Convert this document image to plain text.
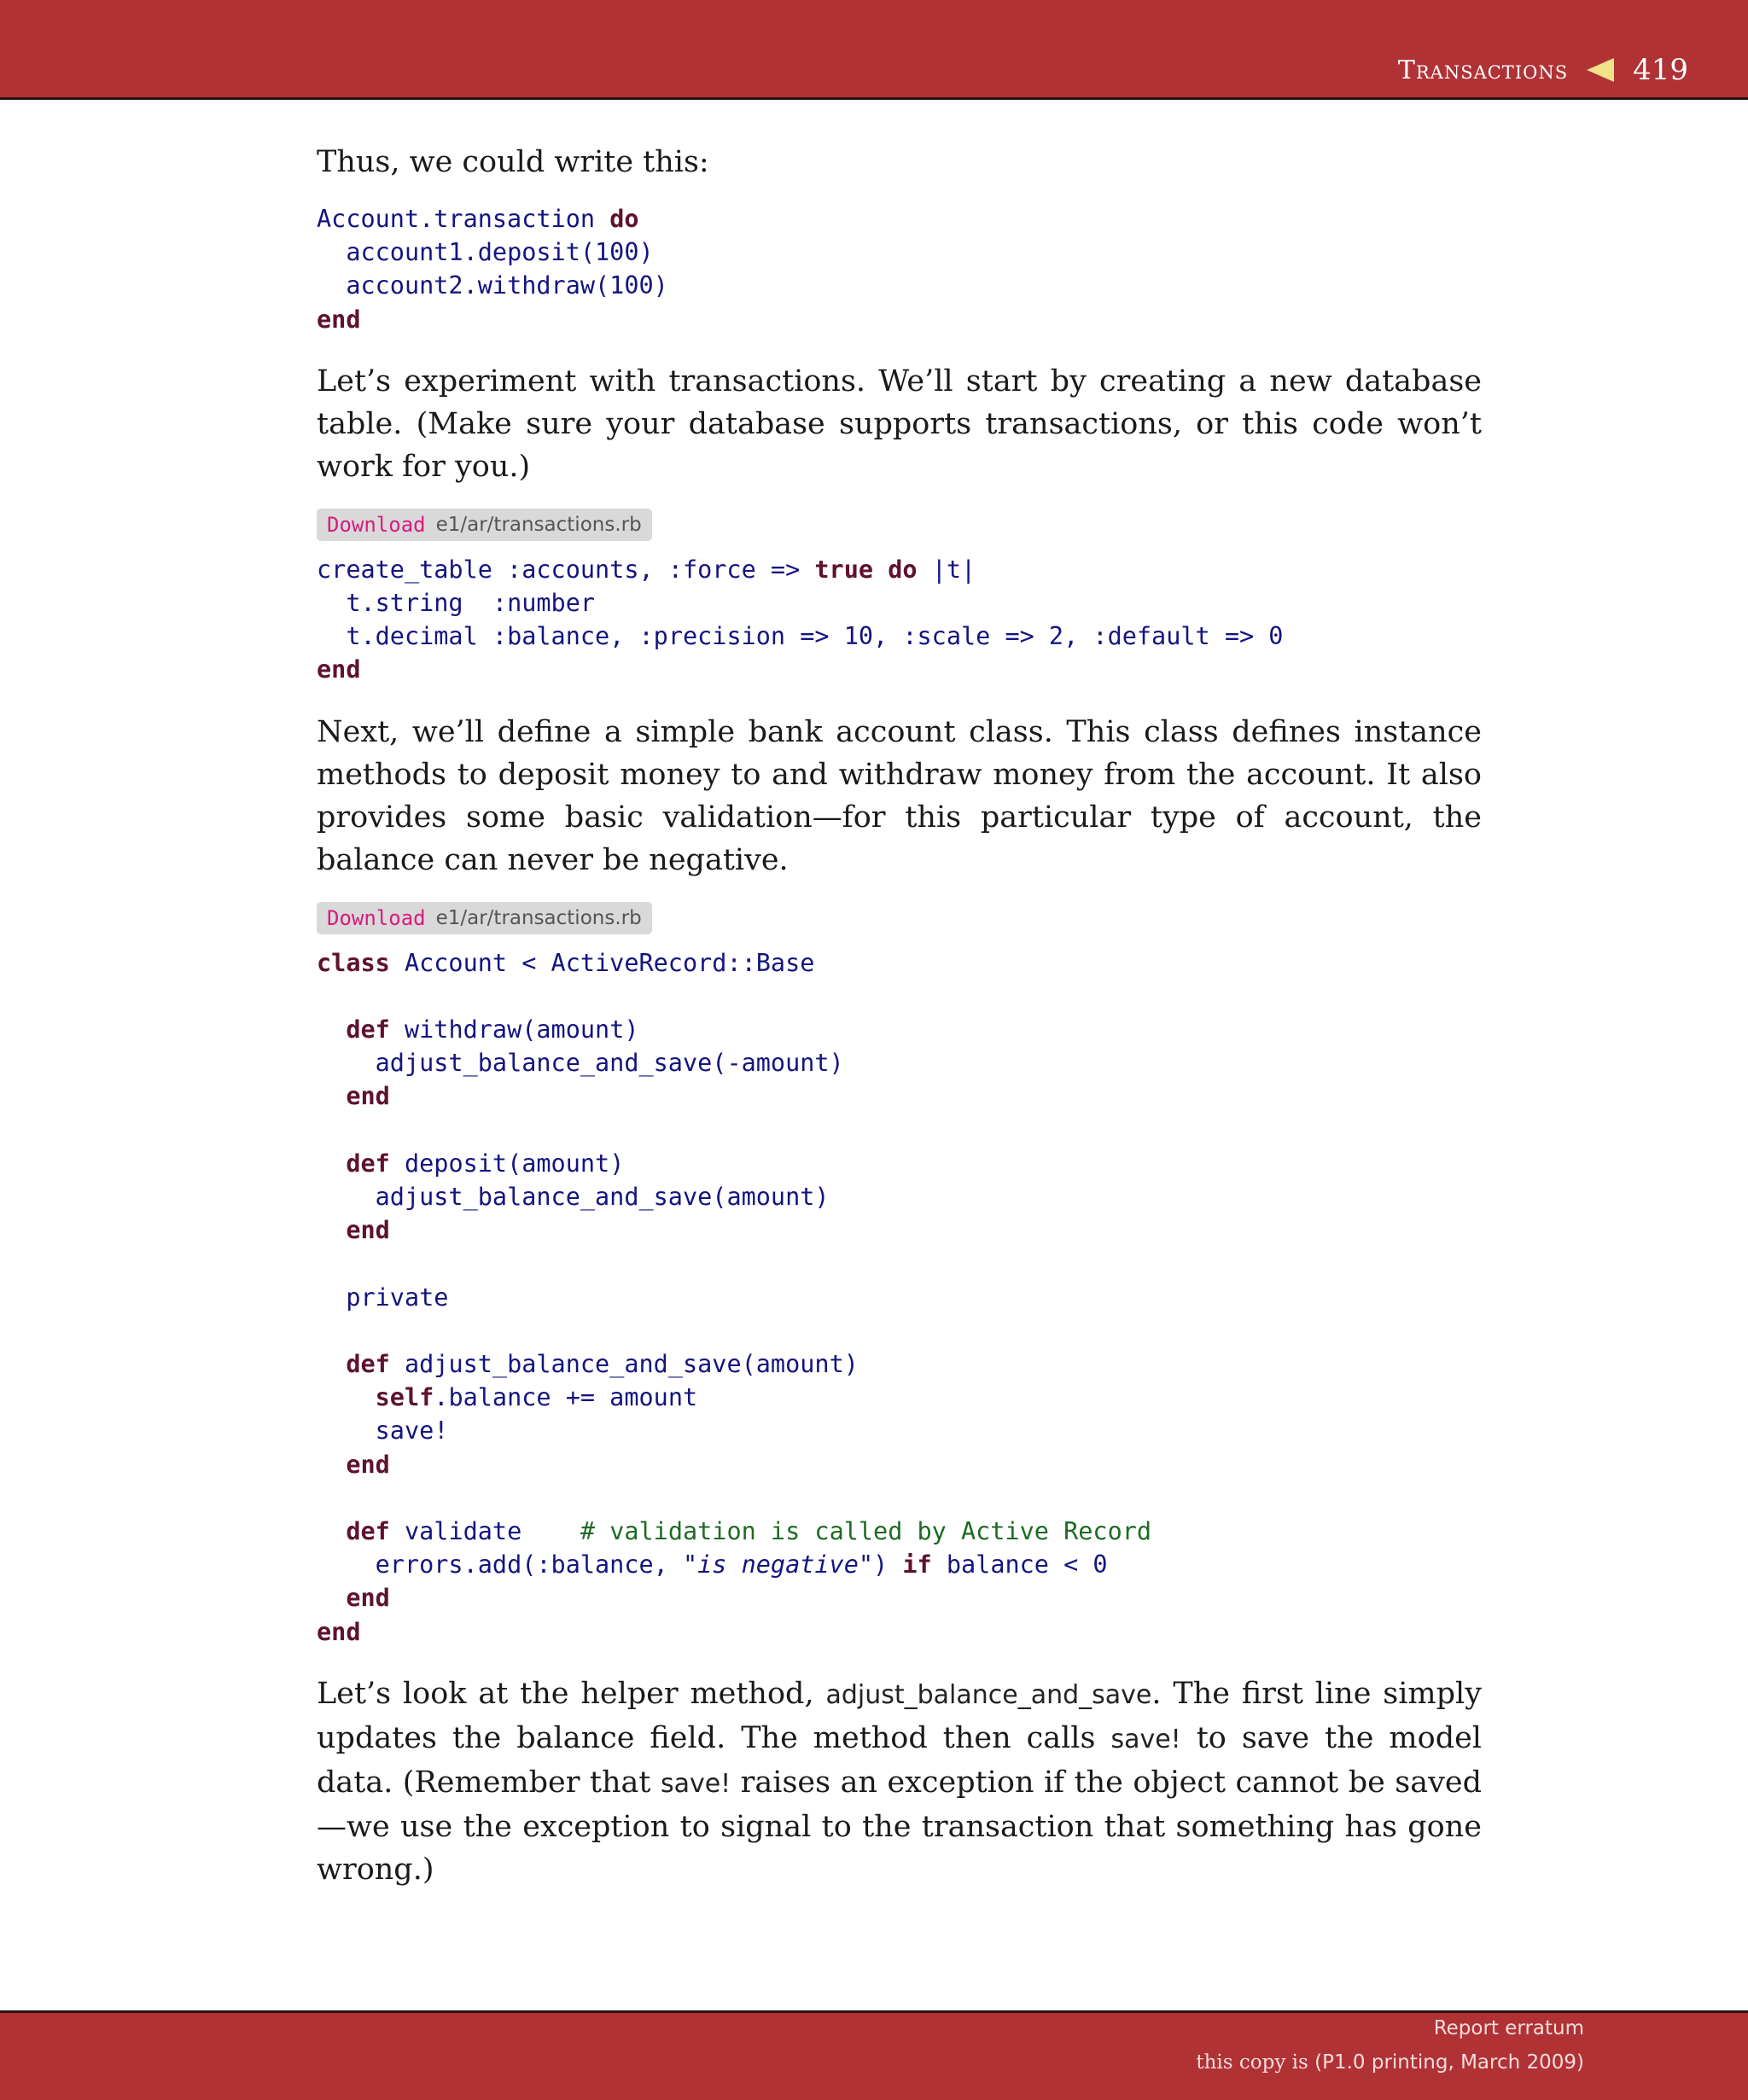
Transactions 419

Thus, we could write this:

Account.transaction do
account1.deposit(100)
account2.withdraw(100)
end

Let’s experiment with transactions. We’ll start by creating a new database table. (Make sure your database supports transactions, or this code won’t work for you.)

Download e1/ar/transactions.rb
create_table :accounts, :force => true do |t|
t.string  :number
t.decimal :balance, :precision => 10, :scale => 2, :default => 0
end

Next, we’ll define a simple bank account class. This class defines instance methods to deposit money to and withdraw money from the account. It also provides some basic validation—for this particular type of account, the balance can never be negative.

Download e1/ar/transactions.rb
class Account < ActiveRecord::Base

def withdraw(amount)
adjust_balance_and_save(-amount)
end

def deposit(amount)
adjust_balance_and_save(amount)
end

private

def adjust_balance_and_save(amount)
self.balance += amount
save!
end

def validate    # validation is called by Active Record
errors.add(:balance, "is negative") if balance < 0
end
end

Let’s look at the helper method, adjust_balance_and_save. The first line simply updates the balance field. The method then calls save! to save the model data. (Remember that save! raises an exception if the object cannot be saved—we use the exception to signal to the transaction that something has gone wrong.)

Report erratum
this copy is (P1.0 printing, March 2009)
